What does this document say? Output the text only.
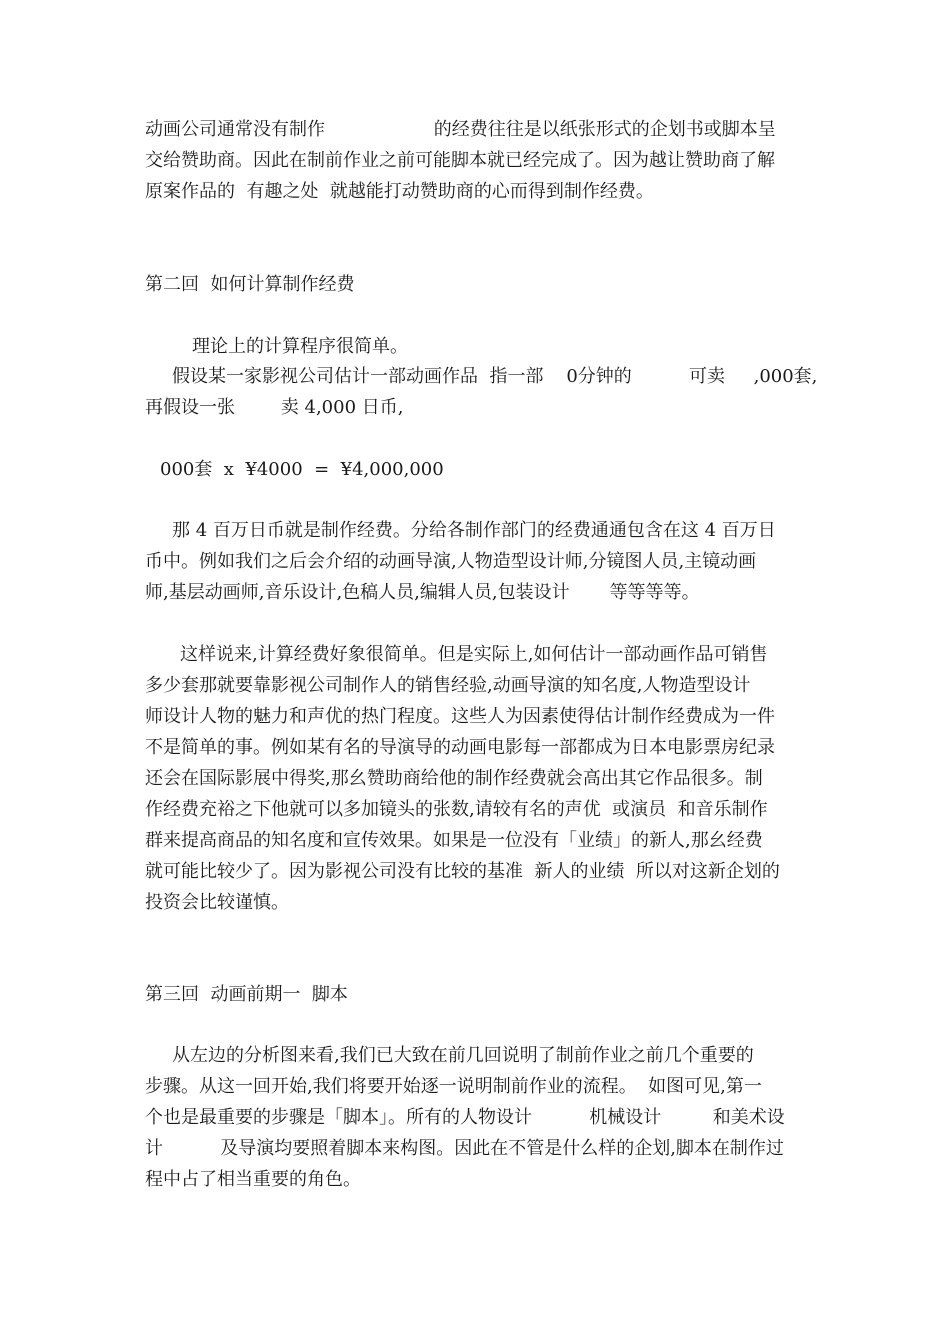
动画公司通常没有制作                   的经费往往是以纸张形式的企划书或脚本呈
交给赞助商。因此在制前作业之前可能脚本就已经完成了。因为越让赞助商了解
原案作品的  有趣之处  就越能打动赞助商的心而得到制作经费。
第二回  如何计算制作经费
理论上的计算程序很简单。
假设某一家影视公司估计一部动画作品  指一部    0分钟的          可卖     ,000套,
再假设一张        卖 4,000 日币,
000套  x  ¥4000  =  ¥4,000,000
那 4 百万日币就是制作经费。分给各制作部门的经费通通包含在这 4 百万日
币中。例如我们之后会介绍的动画导演,人物造型设计师,分镜图人员,主镜动画
师,基层动画师,音乐设计,色稿人员,编辑人员,包装设计       等等等等。
这样说来,计算经费好象很简单。但是实际上,如何估计一部动画作品可销售
多少套那就要靠影视公司制作人的销售经验,动画导演的知名度,人物造型设计
师设计人物的魅力和声优的热门程度。这些人为因素使得估计制作经费成为一件
不是简单的事。例如某有名的导演导的动画电影每一部都成为日本电影票房纪录
还会在国际影展中得奖,那幺赞助商给他的制作经费就会高出其它作品很多。制
作经费充裕之下他就可以多加镜头的张数,请较有名的声优  或演员  和音乐制作
群来提高商品的知名度和宣传效果。如果是一位没有「业绩」的新人,那幺经费
就可能比较少了。因为影视公司没有比较的基准  新人的业绩  所以对这新企划的
投资会比较谨慎。
第三回  动画前期一  脚本
从左边的分析图来看,我们已大致在前几回说明了制前作业之前几个重要的
步骤。从这一回开始,我们将要开始逐一说明制前作业的流程。  如图可见,第一
个也是最重要的步骤是「脚本」。所有的人物设计          机械设计         和美术设
计          及导演均要照着脚本来构图。因此在不管是什么样的企划,脚本在制作过
程中占了相当重要的角色。
